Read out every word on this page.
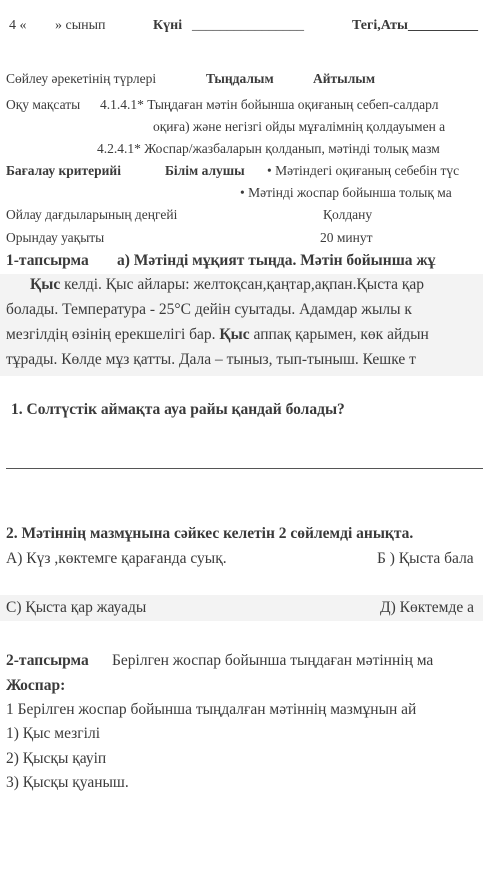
4 « » сынып	Күні ________________	Тегі,Аты__________
Сөйлеу әрекетінің түрлері	Тыңдалым	Айтылым
Оқу мақсаты 4.1.4.1* Тыңдаған мәтін бойынша оқиғаның себеп-салдарл
оқиға) және негізгі ойды мұғалімнің қолдауымен а
4.2.4.1* Жоспар/жазбаларын қолданып, мәтінді толық мазм
Бағалау критерийі	Білім алушы • Мәтіндегі оқиғаның себебін түс
• Мәтінді жоспар бойынша толық ма
Ойлау дағдыларының деңгейі	Қолдану
Орындау уақыты	20 минут
1-тапсырма а) Мәтінді мұқият тыңда. Мәтін бойынша жұ
Қыс келді. Қыс айлары: желтоқсан,қаңтар,ақпан.Қыста қар
болады. Температура - 25°С дейін суытады. Адамдар жылы к
мезгілдің өзінің ерекшелігі бар. Қыс аппақ қарымен, көк айдын
тұрады. Көлде мұз қатты. Дала – тыныз, тып-тыныш. Кешке т
1. Солтүстік аймақта ауа райы қандай болады?
2. Мәтіннің мазмұнына сәйкес келетін 2 сөйлемді анықта.
А) Күз ,көктемге қарағанда суық.	Б ) Қыста бала
С) Қыста қар жауады	Д) Көктемде а
2-тапсырма Берілген жоспар бойынша тыңдаған мәтіннің ма
Жоспар:
1 Берілген жоспар бойынша тыңдалған мәтіннің мазмұнын ай
1) Қыс мезгілі
2) Қысқы қауіп
3) Қысқы қуаныш.
